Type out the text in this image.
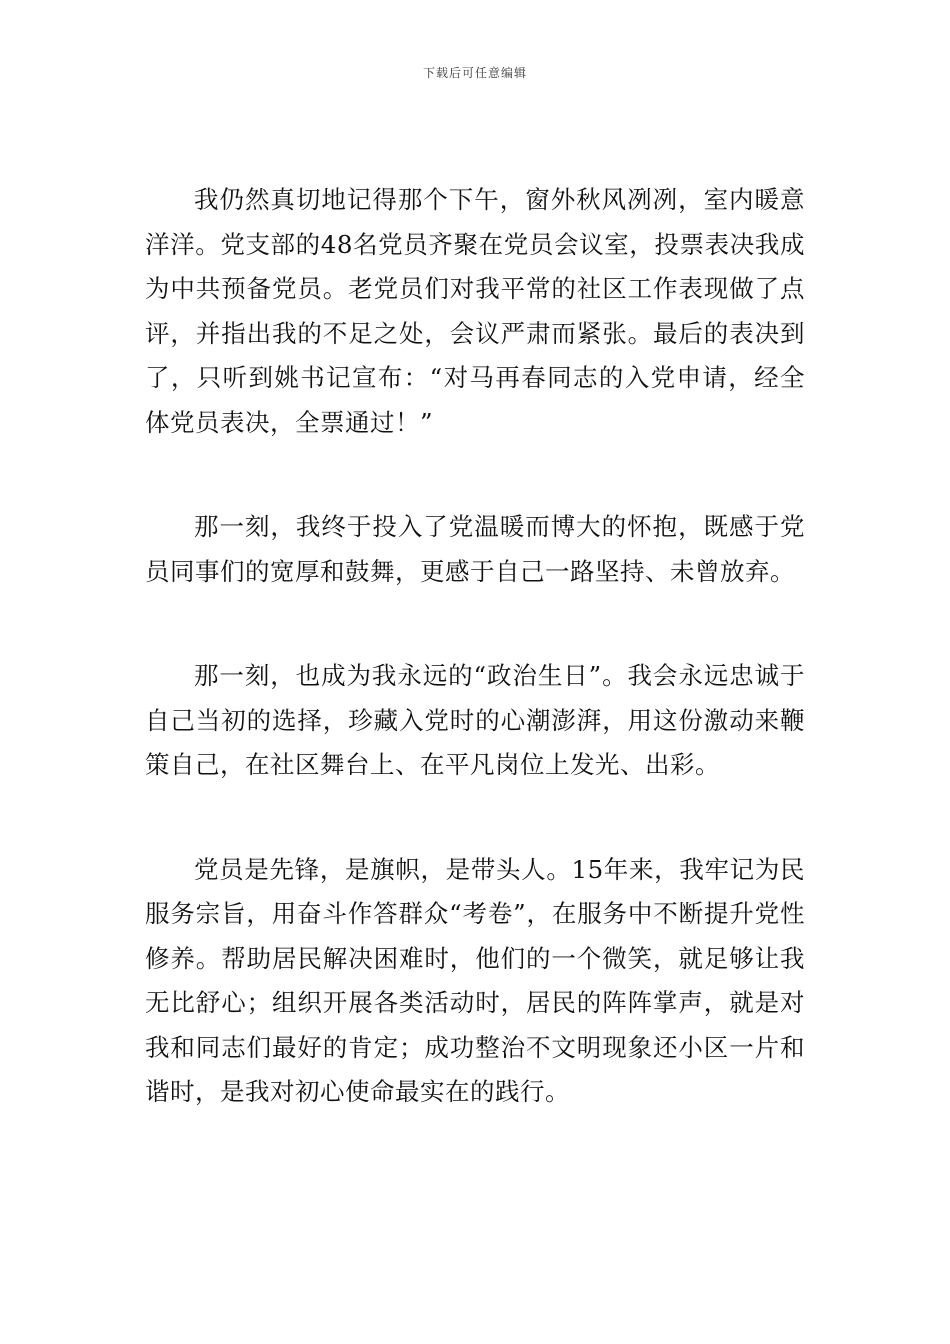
下载后可任意编辑

我仍然真切地记得那个下午，窗外秋风冽冽，室内暖意洋洋。党支部的48名党员齐聚在党员会议室，投票表决我成为中共预备党员。老党员们对我平常的社区工作表现做了点评，并指出我的不足之处，会议严肃而紧张。最后的表决到了，只听到姚书记宣布：“对马再春同志的入党申请，经全体党员表决，全票通过！”

那一刻，我终于投入了党温暖而博大的怀抱，既感于党员同事们的宽厚和鼓舞，更感于自己一路坚持、未曾放弃。

那一刻，也成为我永远的“政治生日”。我会永远忠诚于自己当初的选择，珍藏入党时的心潮澎湃，用这份激动来鞭策自己，在社区舞台上、在平凡岗位上发光、出彩。

党员是先锋，是旗帜，是带头人。15年来，我牢记为民服务宗旨，用奋斗作答群众“考卷”，在服务中不断提升党性修养。帮助居民解决困难时，他们的一个微笑，就足够让我无比舒心；组织开展各类活动时，居民的阵阵掌声，就是对我和同志们最好的肯定；成功整治不文明现象还小区一片和谐时，是我对初心使命最实在的践行。
